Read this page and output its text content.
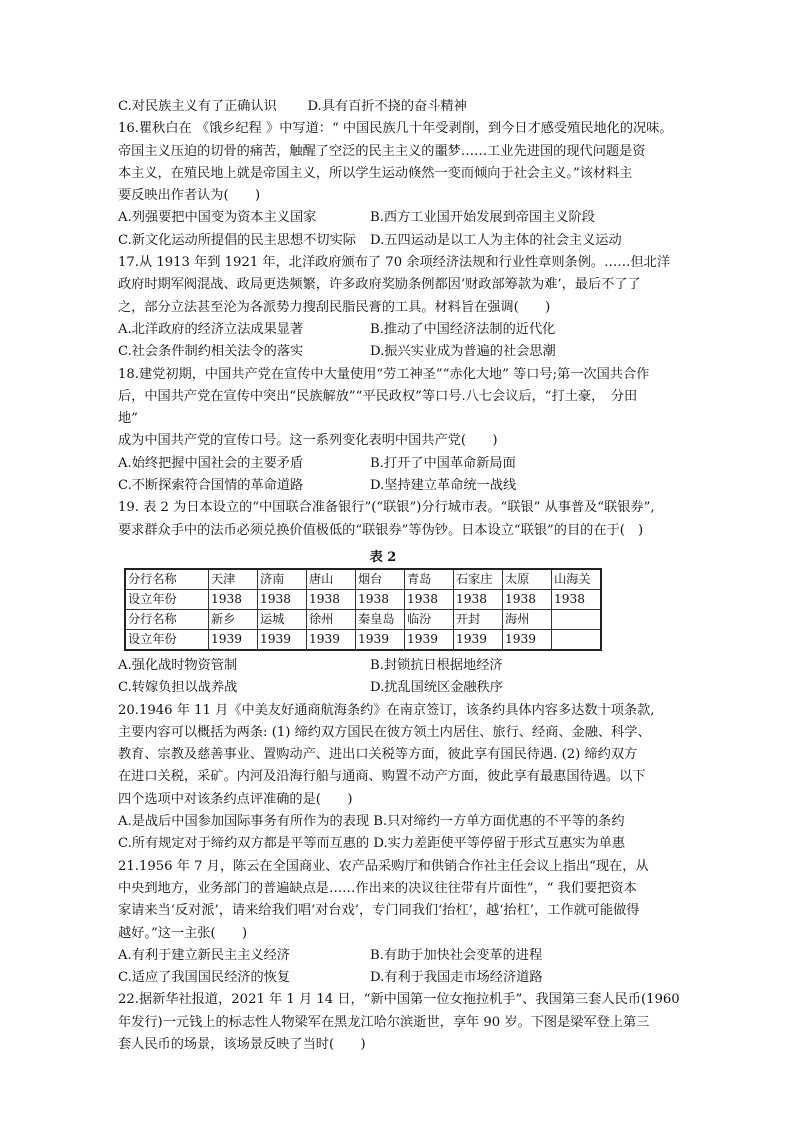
C.对民族主义有了正确认识　　 D.具有百折不挠的奋斗精神
16.瞿秋白在 《饿乡纪程 》中写道：“ 中国民族几十年受剥削，到今日才感受殖民地化的况味。
帝国主义压迫的切骨的痛苦，触醒了空泛的民主主义的噩梦……工业先进国的现代问题是资
本主义，在殖民地上就是帝国主义，所以学生运动倏然一变而倾向于社会主义。”该材料主
要反映出作者认为(　　)
A.列强要把中国变为资本主义国家	B.西方工业国开始发展到帝国主义阶段
C.新文化运动所提倡的民主思想不切实际	D.五四运动是以工人为主体的社会主义运动
17.从 1913 年到 1921 年，北洋政府颁布了 70 余项经济法规和行业性章则条例。……但北洋
政府时期军阀混战、政局更迭频繁，许多政府奖励条例都因‘财政部筹款为难’，最后不了了
之，部分立法甚至沦为各派势力搜刮民脂民膏的工具。材料旨在强调(　　)
A.北洋政府的经济立法成果显著	B.推动了中国经济法制的近代化
C.社会条件制约相关法令的落实	D.振兴实业成为普遍的社会思潮
18.建党初期，中国共产党在宣传中大量使用“劳工神圣”“赤化大地” 等口号;第一次国共合作
后，中国共产党在宣传中突出“民族解放”“平民政权”等口号.八七会议后，“打土豪，　分田
地”
成为中国共产党的宣传口号。这一系列变化表明中国共产党(　　)
A.始终把握中国社会的主要矛盾	B.打开了中国革命新局面
C.不断探索符合国情的革命道路	D.坚持建立革命统一战线
19. 表 2 为日本设立的“中国联合准备银行”(“联银”)分行城市表。“联银” 从事普及“联银券”,
要求群众手中的法币必须兑换价值极低的“联银券”等伪钞。日本设立“联银”的目的在于(　)
表 2
分行名称	天津	济南	唐山	烟台	青岛	石家庄	太原	山海关
设立年份	1938	1938	1938	1938	1938	1938	1938	1938
分行名称	新乡	运城	徐州	秦皇岛	临汾	开封	海州	
设立年份	1939	1939	1939	1939	1939	1939	1939	
A.强化战时物资管制	B.封锁抗日根据地经济
C.转嫁负担以战养战	D.扰乱国统区金融秩序
20.1946 年 11 月《中美友好通商航海条约》在南京签订，该条约具体内容多达数十项条款,
主要内容可以概括为两条: (1) 缔约双方国民在彼方领土内居住、旅行、经商、金融、科学、
教育、宗教及慈善事业、置购动产、进出口关税等方面，彼此享有国民待遇. (2) 缔约双方
在进口关税，采矿。内河及沿海行船与通商、购置不动产方面，彼此享有最惠国待遇。以下
四个选项中对该条约点评准确的是(　　)
A.是战后中国参加国际事务有所作为的表现 B.只对缔约一方单方面优惠的不平等的条约
C.所有规定对于缔约双方都是平等而互惠的 D.实力差距使平等停留于形式互惠实为单惠
21.1956 年 7 月，陈云在全国商业、农产品采购厅和供销合作社主任会议上指出“现在，从
中央到地方，业务部门的普遍缺点是……作出来的决议往往带有片面性”，“ 我们要把资本
家请来当‘反对派’，请来给我们唱‘对台戏’，专门同我们‘抬杠’，越‘抬杠’，工作就可能做得
越好。”这一主张(　　)
A.有利于建立新民主主义经济	B.有助于加快社会变革的进程
C.适应了我国国民经济的恢复	D.有利于我国走市场经济道路
22.据新华社报道，2021 年 1 月 14 日，“新中国第一位女拖拉机手”、我国第三套人民币(1960
年发行)一元钱上的标志性人物梁军在黑龙江哈尔滨逝世，享年 90 岁。下图是梁军登上第三
套人民币的场景，该场景反映了当时(　　)
